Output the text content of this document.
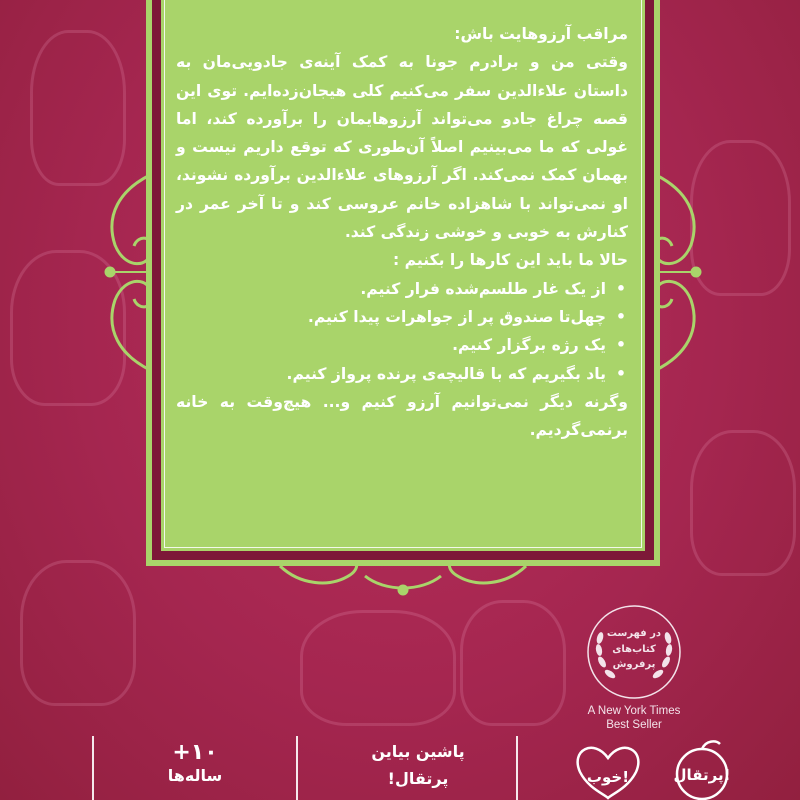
مراقب آرزوهایت باش:

وقتی من و برادرم جونا به کمک آینه‌ی جادویی‌مان به داستان علاءالدین سفر می‌کنیم کلی هیجان‌زده‌ایم. توی این قصه چراغ جادو می‌تواند آرزوهایمان را برآورده کند، اما غولی که ما می‌بینیم اصلاً آن‌طوری که توقع داریم نیست و بهمان کمک نمی‌کند. اگر آرزوهای علاءالدین برآورده نشوند، او نمی‌تواند با شاهزاده خانم عروسی کند و تا آخر عمر در کنارش به خوبی و خوشی زندگی کند.

حالا ما باید این کارها را بکنیم :

• از یک غار طلسم‌شده فرار کنیم.
• چهل‌تا صندوق پر از جواهرات پیدا کنیم.
• یک رژه برگزار کنیم.
• یاد بگیریم که با قالیچه‌ی پرنده پرواز کنیم.

وگرنه دیگر نمی‌توانیم آرزو کنیم و... هیچ‌وقت به خانه برنمی‌گردیم.

در فهرست
کتاب‌های
پرفروش
A New York Times
Best Seller
+۱۰
ساله‌ها
پاشین بیاین
پرتقال!	خوب!	پرتقال!
